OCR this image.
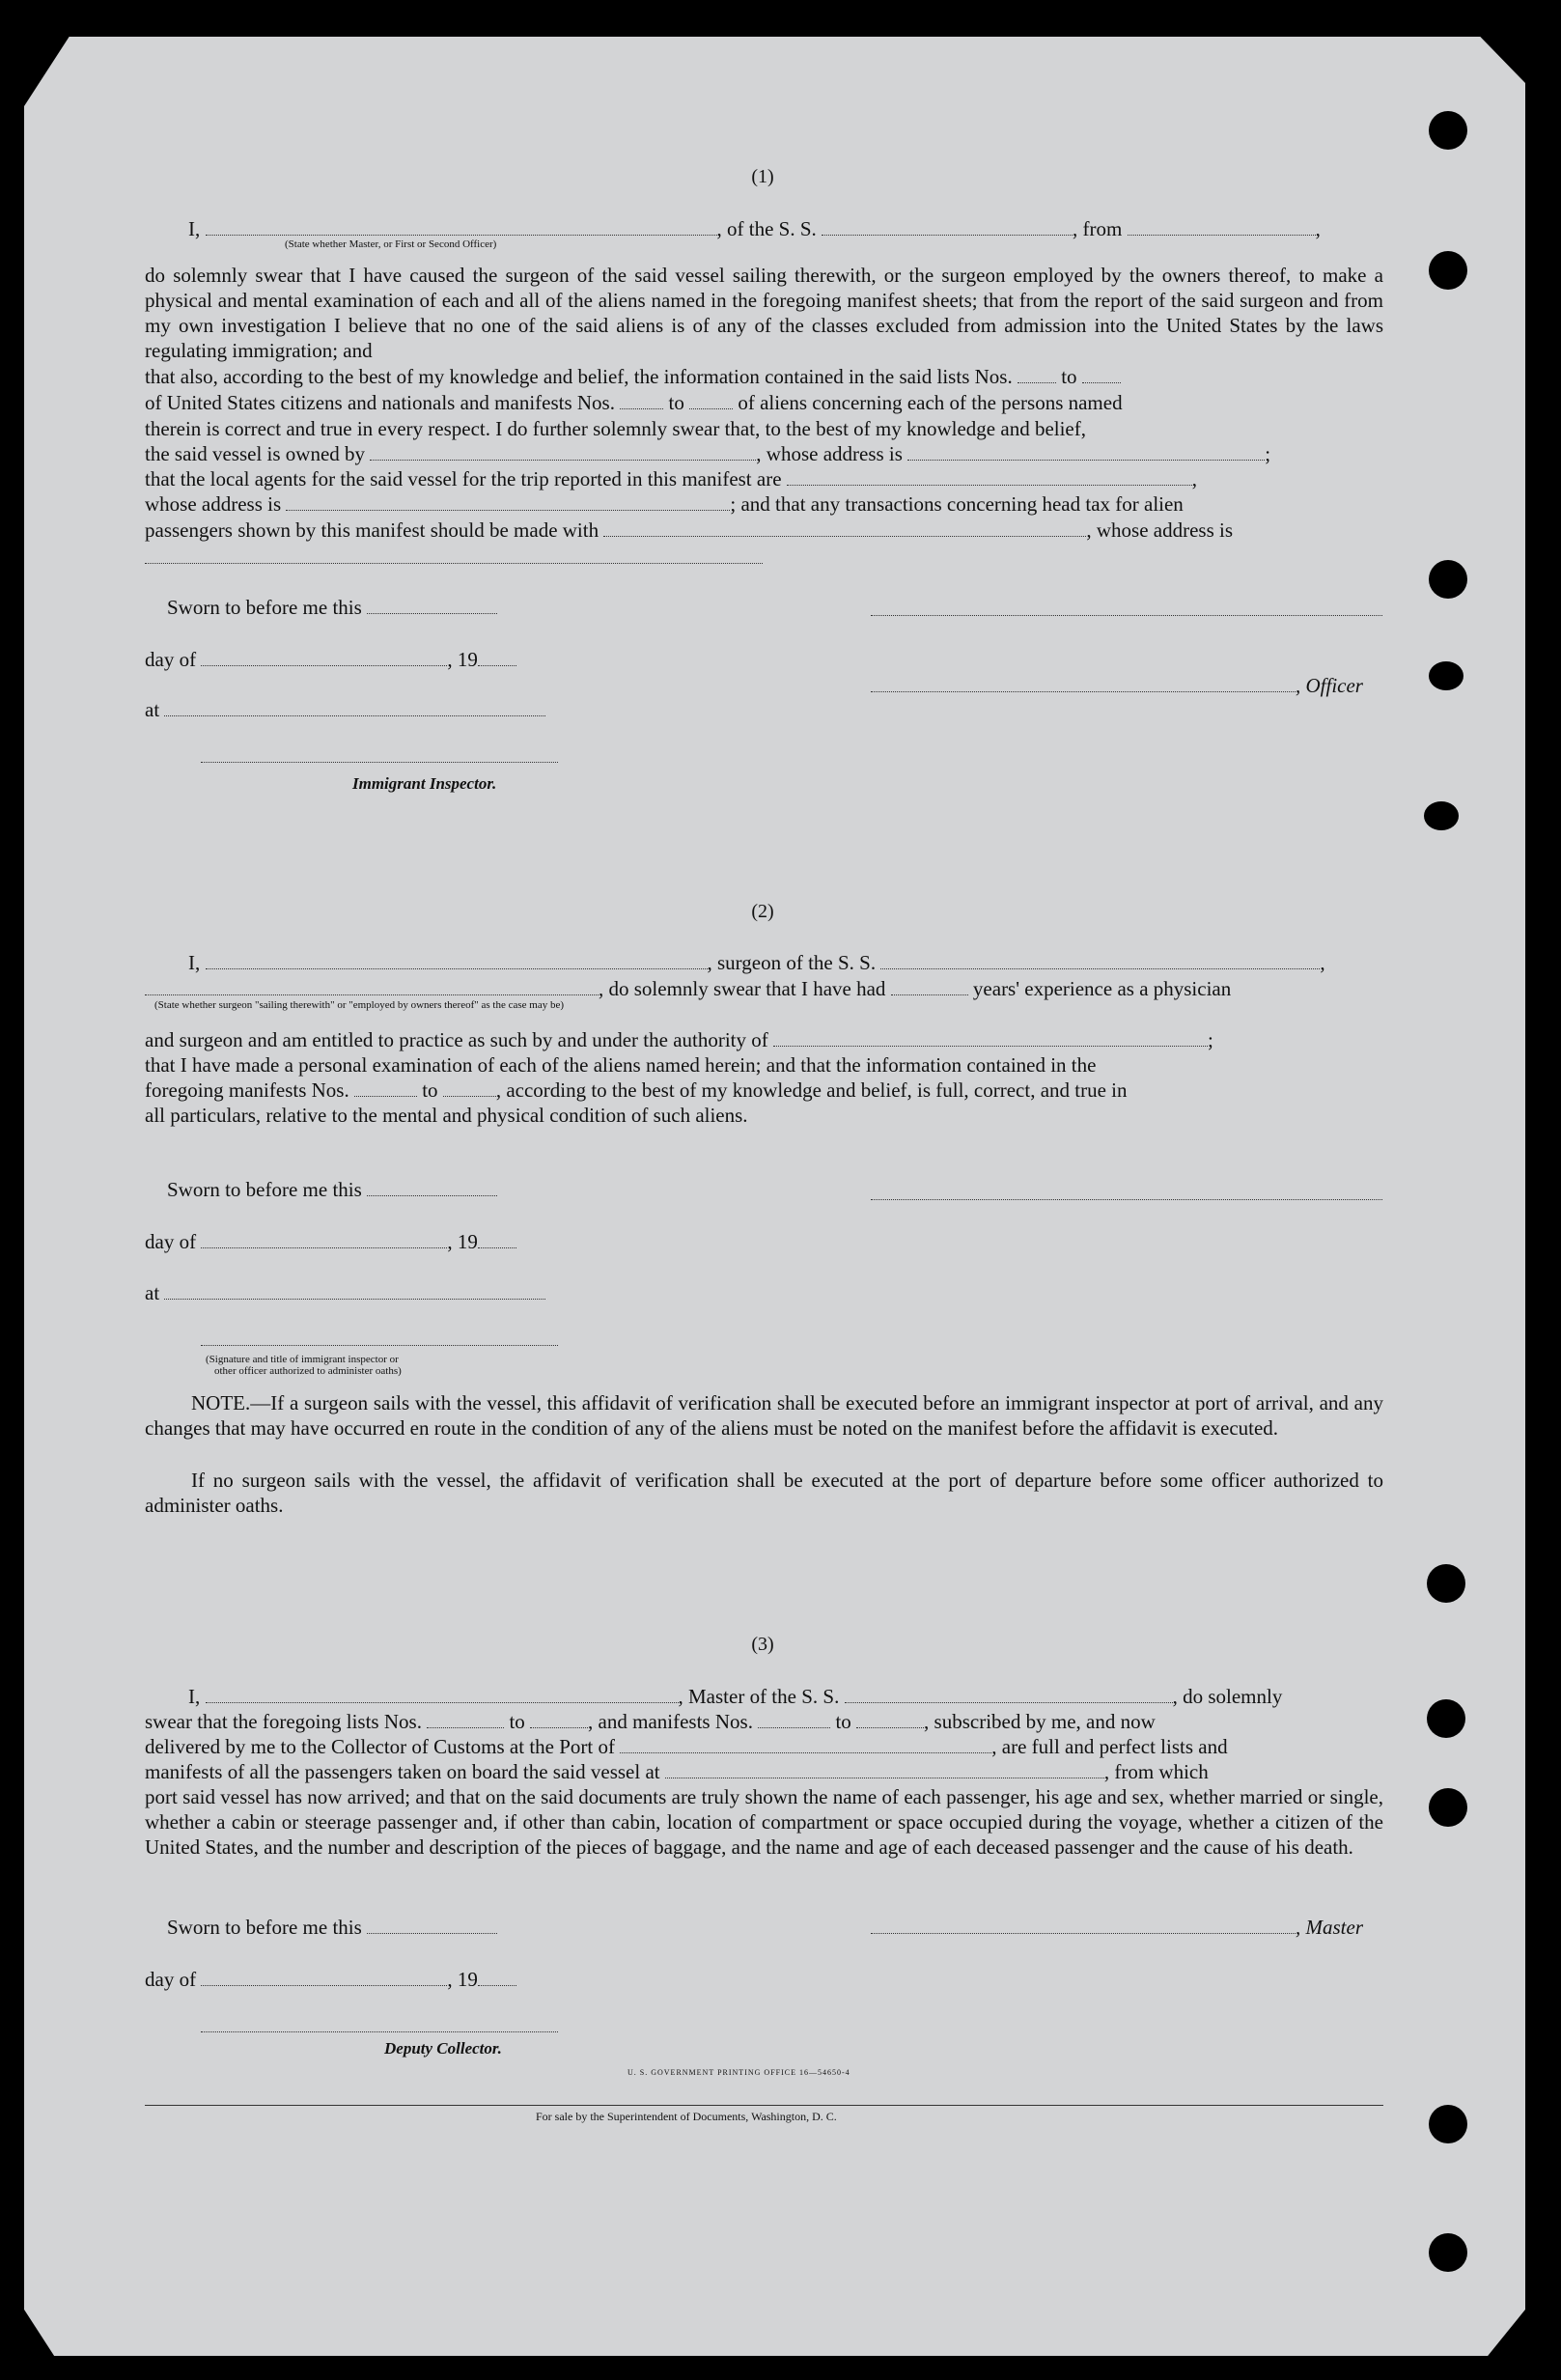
(1)
I,	, of the S. S.	, from	,
(State whether Master, or First or Second Officer)
do solemnly swear that I have caused the surgeon of the said vessel sailing therewith, or the surgeon employed by the owners thereof, to make a physical and mental examination of each and all of the aliens named in the foregoing manifest sheets; that from the report of the said surgeon and from my own investigation I believe that no one of the said aliens is of any of the classes excluded from admission into the United States by the laws regulating immigration; and
that also, according to the best of my knowledge and belief, the information contained in the said lists Nos. to
of United States citizens and nationals and manifests Nos.	to	of aliens concerning each of the persons named
therein is correct and true in every respect. I do further solemnly swear that, to the best of my knowledge and belief,
the said vessel is owned by	, whose address is	;
that the local agents for the said vessel for the trip reported in this manifest are	,
whose address is	; and that any transactions concerning head tax for alien
passengers shown by this manifest should be made with	, whose address is
Sworn to before me this
day of	, 19
, Officer
at
Immigrant Inspector.
(2)
I,	, surgeon of the S. S.	,
, do solemnly swear that I have had	years' experience as a physician
(State whether surgeon "sailing therewith" or "employed by owners thereof" as the case may be)
and surgeon and am entitled to practice as such by and under the authority of	;
that I have made a personal examination of each of the aliens named herein; and that the information contained in the
foregoing manifests Nos.	to	, according to the best of my knowledge and belief, is full, correct, and true in
all particulars, relative to the mental and physical condition of such aliens.
Sworn to before me this
day of	, 19
at
(Signature and title of immigrant inspector or
other officer authorized to administer oaths)
NOTE.—If a surgeon sails with the vessel, this affidavit of verification shall be executed before an immigrant inspector at port of arrival, and any changes that may have occurred en route in the condition of any of the aliens must be noted on the manifest before the affidavit is executed.
If no surgeon sails with the vessel, the affidavit of verification shall be executed at the port of departure before some officer authorized to administer oaths.
(3)
I,	, Master of the S. S.	, do solemnly
swear that the foregoing lists Nos.	to	, and manifests Nos.	to	, subscribed by me, and now
delivered by me to the Collector of Customs at the Port of	, are full and perfect lists and
manifests of all the passengers taken on board the said vessel at	, from which
port said vessel has now arrived; and that on the said documents are truly shown the name of each passenger, his age and sex, whether married or single, whether a cabin or steerage passenger and, if other than cabin, location of compartment or space occupied during the voyage, whether a citizen of the United States, and the number and description of the pieces of baggage, and the name and age of each deceased passenger and the cause of his death.
Sworn to before me this	, Master
day of	, 19
Deputy Collector.
U. S. GOVERNMENT PRINTING OFFICE 16—54650-4
For sale by the Superintendent of Documents, Washington, D. C.
